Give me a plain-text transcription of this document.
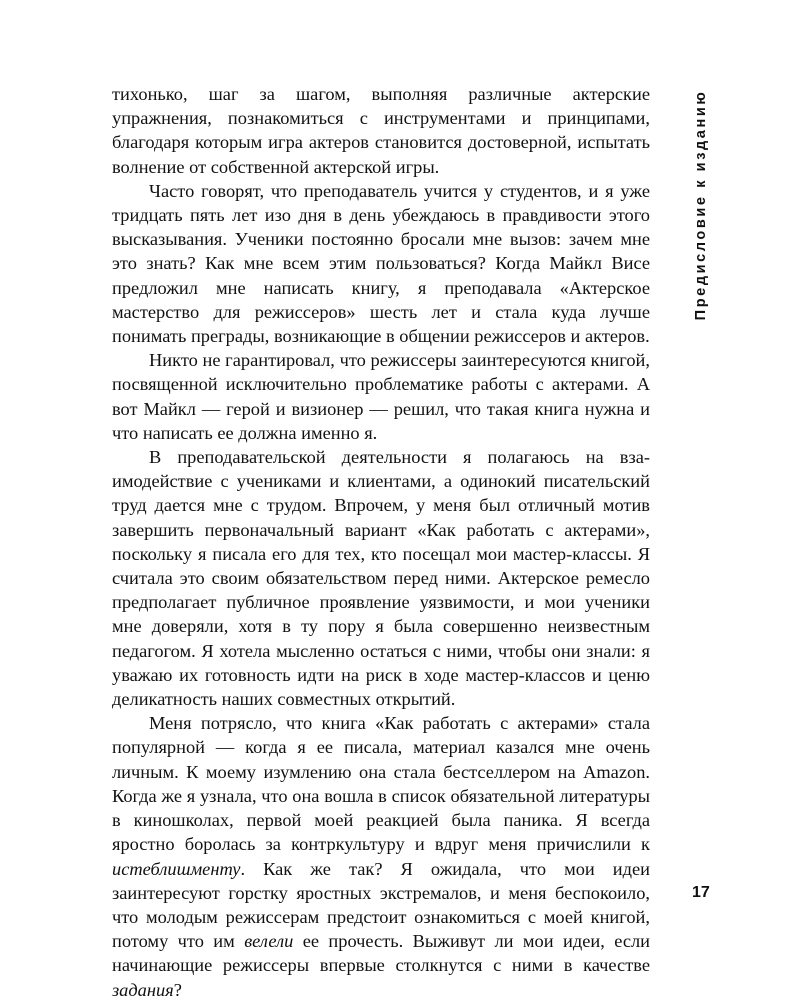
тихонько, шаг за шагом, выполняя различные актерские упражнения, познакомиться с инструментами и принципами, благодаря которым игра актеров становится достоверной, испытать волнение от собственной актерской игры.

Часто говорят, что преподаватель учится у студентов, и я уже тридцать пять лет изо дня в день убеждаюсь в правдивости этого высказывания. Ученики постоянно бросали мне вызов: зачем мне это знать? Как мне всем этим пользоваться? Когда Майкл Висе предложил мне написать книгу, я преподавала «Актерское мастерство для режиссеров» шесть лет и стала куда лучше понимать преграды, возникающие в общении режиссеров и актеров.

Никто не гарантировал, что режиссеры заинтересуются книгой, посвященной исключительно проблематике работы с актерами. А вот Майкл — герой и визионер — решил, что такая книга нужна и что написать ее должна именно я.

В преподавательской деятельности я полагаюсь на взаимодействие с учениками и клиентами, а одинокий писательский труд дается мне с трудом. Впрочем, у меня был отличный мотив завершить первоначальный вариант «Как работать с актерами», поскольку я писала его для тех, кто посещал мои мастер-классы. Я считала это своим обязательством перед ними. Актерское ремесло предполагает публичное проявление уязвимости, и мои ученики мне доверяли, хотя в ту пору я была совершенно неизвестным педагогом. Я хотела мысленно остаться с ними, чтобы они знали: я уважаю их готовность идти на риск в ходе мастер-классов и ценю деликатность наших совместных открытий.

Меня потрясло, что книга «Как работать с актерами» стала популярной — когда я ее писала, материал казался мне очень личным. К моему изумлению она стала бестселлером на Amazon. Когда же я узнала, что она вошла в список обязательной литературы в киношколах, первой моей реакцией была паника. Я всегда яростно боролась за контркультуру и вдруг меня причислили к истеблишменту. Как же так? Я ожидала, что мои идеи заинтересуют горстку яростных экстремалов, и меня беспокоило, что молодым режиссерам предстоит ознакомиться с моей книгой, потому что им велели ее прочесть. Выживут ли мои идеи, если начинающие режиссеры впервые столкнутся с ними в качестве задания?

Предисловие к изданию
17
